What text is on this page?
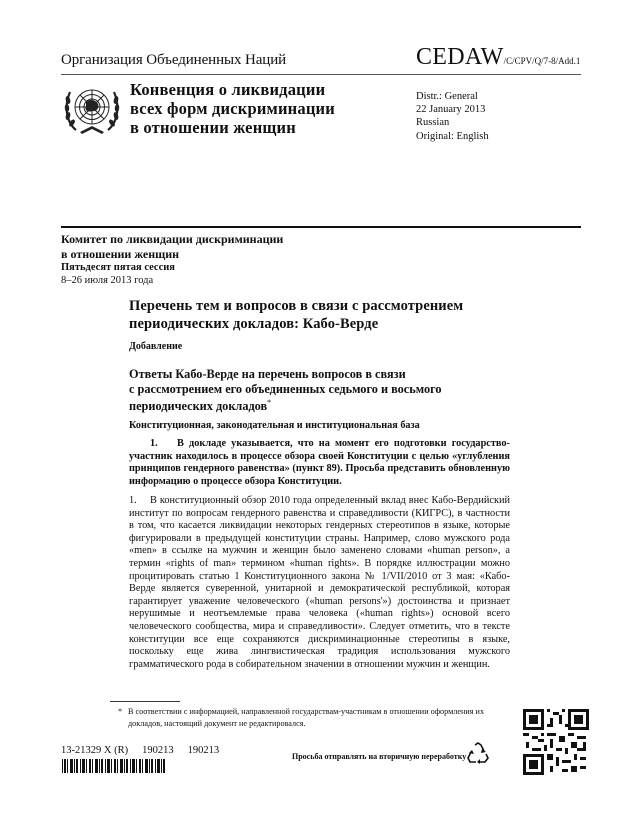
Организация Объединенных Наций	CEDAW/C/CPV/Q/7-8/Add.1
Конвенция о ликвидации
всех форм дискриминации
в отношении женщин
Distr.: General
22 January 2013
Russian
Original: English
Комитет по ликвидации дискриминации
в отношении женщин
Пятьдесят пятая сессия
8–26 июля 2013 года
Перечень тем и вопросов в связи с рассмотрением
периодических докладов: Кабо-Верде
Добавление
Ответы Кабо-Верде на перечень вопросов в связи
с рассмотрением его объединенных седьмого и восьмого
периодических докладов*
Конституционная, законодательная и институциональная база
1. В докладе указывается, что на момент его подготовки государство-участник находилось в процессе обзора своей Конституции с целью «углубления принципов гендерного равенства» (пункт 89). Просьба представить обновленную информацию о процессе обзора Конституции.
1. В конституционный обзор 2010 года определенный вклад внес Кабо-Вердийский институт по вопросам гендерного равенства и справедливости (КИГРС), в частности в том, что касается ликвидации некоторых гендерных стереотипов в языке, которые фигурировали в предыдущей конституции страны. Например, слово мужского рода «men» в ссылке на мужчин и женщин было заменено словами «human person», а термин «rights of man» термином «human rights». В порядке иллюстрации можно процитировать статью 1 Конституционного закона № 1/VII/2010 от 3 мая: «Кабо-Верде является суверенной, унитарной и демократической республикой, которая гарантирует уважение человеческого («human persons'») достоинства и признает нерушимые и неотъемлемые права человека («human rights») основой всего человеческого сообщества, мира и справедливости». Следует отметить, что в тексте конституции все еще сохраняются дискриминационные стереотипы в языке, поскольку еще жива лингвистическая традиция использования мужского грамматического рода в собирательном значении в отношении мужчин и женщин.
* В соответствии с информацией, направленной государствам-участникам в отношении оформления их докладов, настоящий документ не редактировался.
13-21329 X (R) 190213 190213
Просьба отправлять на вторичную переработку
